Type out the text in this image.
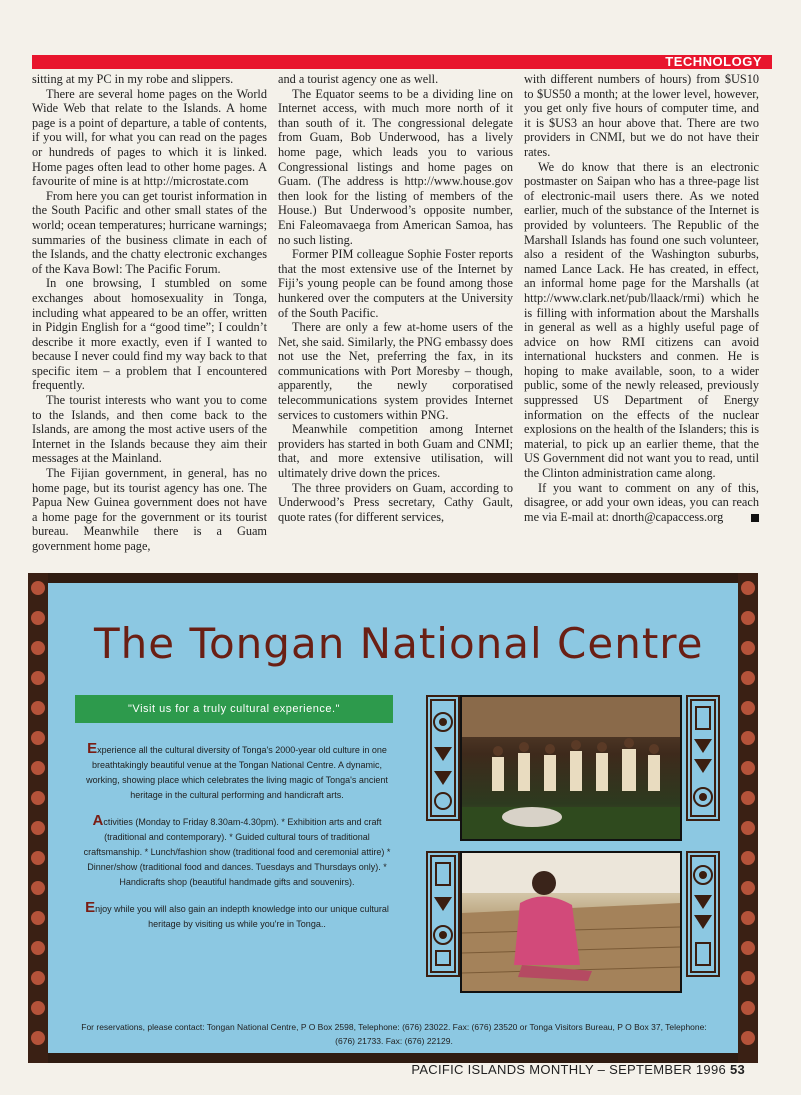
TECHNOLOGY

sitting at my PC in my robe and slippers.

There are several home pages on the World Wide Web that relate to the Islands. A home page is a point of departure, a table of contents, if you will, for what you can read on the pages or hundreds of pages to which it is linked. Home pages often lead to other home pages. A favourite of mine is at http://microstate.com

From here you can get tourist information in the South Pacific and other small states of the world; ocean temperatures; hurricane warnings; summaries of the business climate in each of the Islands, and the chatty electronic exchanges of the Kava Bowl: The Pacific Forum.

In one browsing, I stumbled on some exchanges about homosexuality in Tonga, including what appeared to be an offer, written in Pidgin English for a “good time”; I couldn’t describe it more exactly, even if I wanted to because I never could find my way back to that specific item – a problem that I encountered frequently.

The tourist interests who want you to come to the Islands, and then come back to the Islands, are among the most active users of the Internet in the Islands because they aim their messages at the Mainland.

The Fijian government, in general, has no home page, but its tourist agency has one. The Papua New Guinea government does not have a home page for the government or its tourist bureau. Meanwhile there is a Guam government home page,

and a tourist agency one as well.

The Equator seems to be a dividing line on Internet access, with much more north of it than south of it. The congressional delegate from Guam, Bob Underwood, has a lively home page, which leads you to various Congressional listings and home pages on Guam. (The address is http://www.house.gov then look for the listing of members of the House.) But Underwood’s opposite number, Eni Faleomavaega from American Samoa, has no such listing.

Former PIM colleague Sophie Foster reports that the most extensive use of the Internet by Fiji’s young people can be found among those hunkered over the computers at the University of the South Pacific.

There are only a few at-home users of the Net, she said. Similarly, the PNG embassy does not use the Net, preferring the fax, in its communications with Port Moresby – though, apparently, the newly corporatised telecommunications system provides Internet services to customers within PNG.

Meanwhile competition among Internet providers has started in both Guam and CNMI; that, and more extensive utilisation, will ultimately drive down the prices.

The three providers on Guam, according to Underwood’s Press secretary, Cathy Gault, quote rates (for different services,

with different numbers of hours) from $US10 to $US50 a month; at the lower level, however, you get only five hours of computer time, and it is $US3 an hour above that. There are two providers in CNMI, but we do not have their rates.

We do know that there is an electronic postmaster on Saipan who has a three-page list of electronic-mail users there. As we noted earlier, much of the substance of the Internet is provided by volunteers. The Republic of the Marshall Islands has found one such volunteer, also a resident of the Washington suburbs, named Lance Lack. He has created, in effect, an informal home page for the Marshalls (at http://www.clark.net/pub/llaack/rmi) which he is filling with information about the Marshalls in general as well as a highly useful page of advice on how RMI citizens can avoid international hucksters and conmen. He is hoping to make available, soon, to a wider public, some of the newly released, previously suppressed US Department of Energy information on the effects of the nuclear explosions on the health of the Islanders; this is material, to pick up an earlier theme, that the US Government did not want you to read, until the Clinton administration came along.

If you want to comment on any of this, disagree, or add your own ideas, you can reach me via E-mail at: dnorth@capaccess.org

The Tongan National Centre
"Visit us for a truly cultural experience."

Experience all the cultural diversity of Tonga's 2000-year old culture in one breathtakingly beautiful venue at the Tongan National Centre. A dynamic, working, showing place which celebrates the living magic of Tonga's ancient heritage in the cultural performing and handicraft arts.

Activities (Monday to Friday 8.30am-4.30pm). * Exhibition arts and craft (traditional and contemporary). * Guided cultural tours of traditional craftsmanship. * Lunch/fashion show (traditional food and ceremonial attire) * Dinner/show (traditional food and dances. Tuesdays and Thursdays only). * Handicrafts shop (beautiful handmade gifts and souvenirs).

Enjoy while you will also gain an indepth knowledge into our unique cultural heritage by visiting us while you're in Tonga..

For reservations, please contact: Tongan National Centre, P O Box 2598, Telephone: (676) 23022. Fax: (676) 23520 or Tonga Visitors Bureau, P O Box 37, Telephone: (676) 21733. Fax: (676) 22129.
PACIFIC ISLANDS MONTHLY – SEPTEMBER 1996 53
